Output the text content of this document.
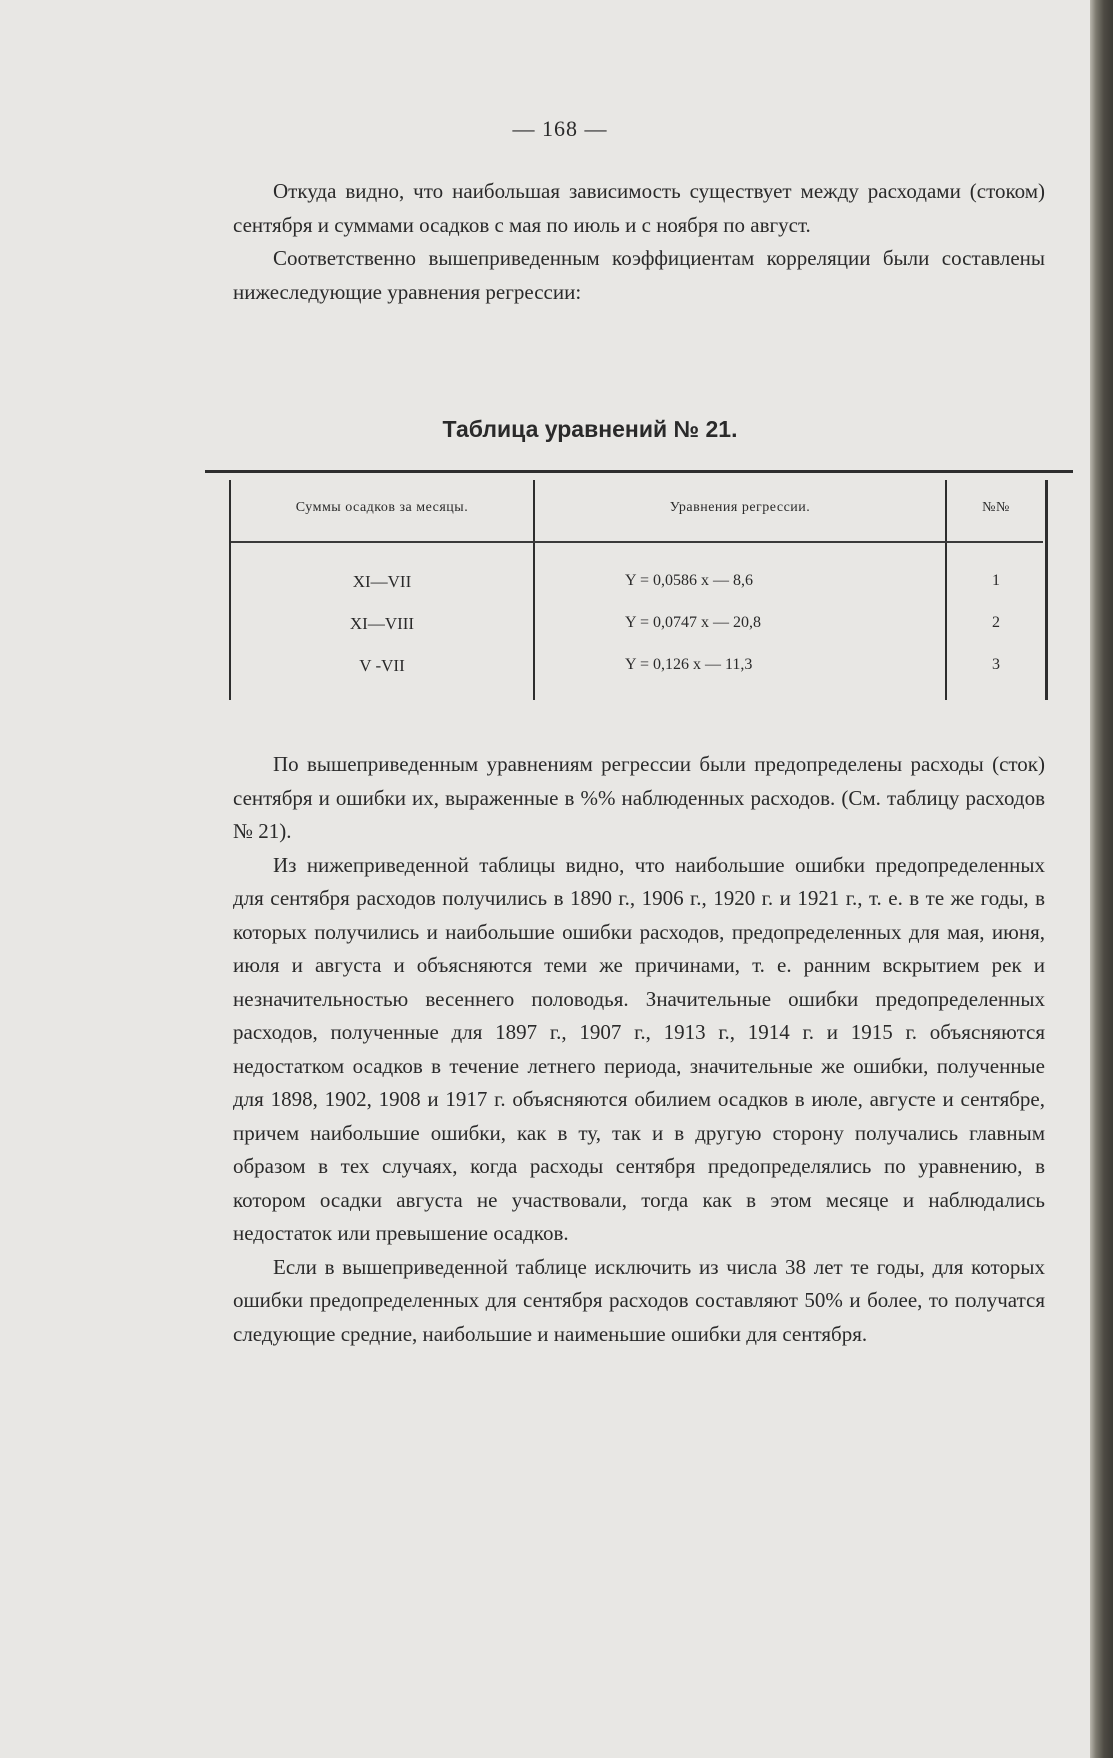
— 168 —

Откуда видно, что наибольшая зависимость существует между расходами (стоком) сентября и суммами осадков с мая по июль и с ноября по август.

Соответственно вышеприведенным коэффициентам корреляции были составлены нижеследующие уравнения регрессии:

Таблица уравнений № 21.
Суммы осадков за месяцы.	Уравнения регрессии.	№№
XI—VII	Y = 0,0586 x — 8,6	1
XI—VIII	Y = 0,0747 x — 20,8	2
V -VII	Y = 0,126 x — 11,3	3

По вышеприведенным уравнениям регрессии были предопределены расходы (сток) сентября и ошибки их, выраженные в %% наблюденных расходов. (См. таблицу расходов № 21).

Из нижеприведенной таблицы видно, что наибольшие ошибки предопределенных для сентября расходов получились в 1890 г., 1906 г., 1920 г. и 1921 г., т. е. в те же годы, в которых получились и наибольшие ошибки расходов, предопределенных для мая, июня, июля и августа и объясняются теми же причинами, т. е. ранним вскрытием рек и незначительностью весеннего половодья. Значительные ошибки предопределенных расходов, полученные для 1897 г., 1907 г., 1913 г., 1914 г. и 1915 г. объясняются недостатком осадков в течение летнего периода, значительные же ошибки, полученные для 1898, 1902, 1908 и 1917 г. объясняются обилием осадков в июле, августе и сентябре, причем наибольшие ошибки, как в ту, так и в другую сторону получались главным образом в тех случаях, когда расходы сентября предопределялись по уравнению, в котором осадки августа не участвовали, тогда как в этом месяце и наблюдались недостаток или превышение осадков.

Если в вышеприведенной таблице исключить из числа 38 лет те годы, для которых ошибки предопределенных для сентября расходов составляют 50% и более, то получатся следующие средние, наибольшие и наименьшие ошибки для сентября.
